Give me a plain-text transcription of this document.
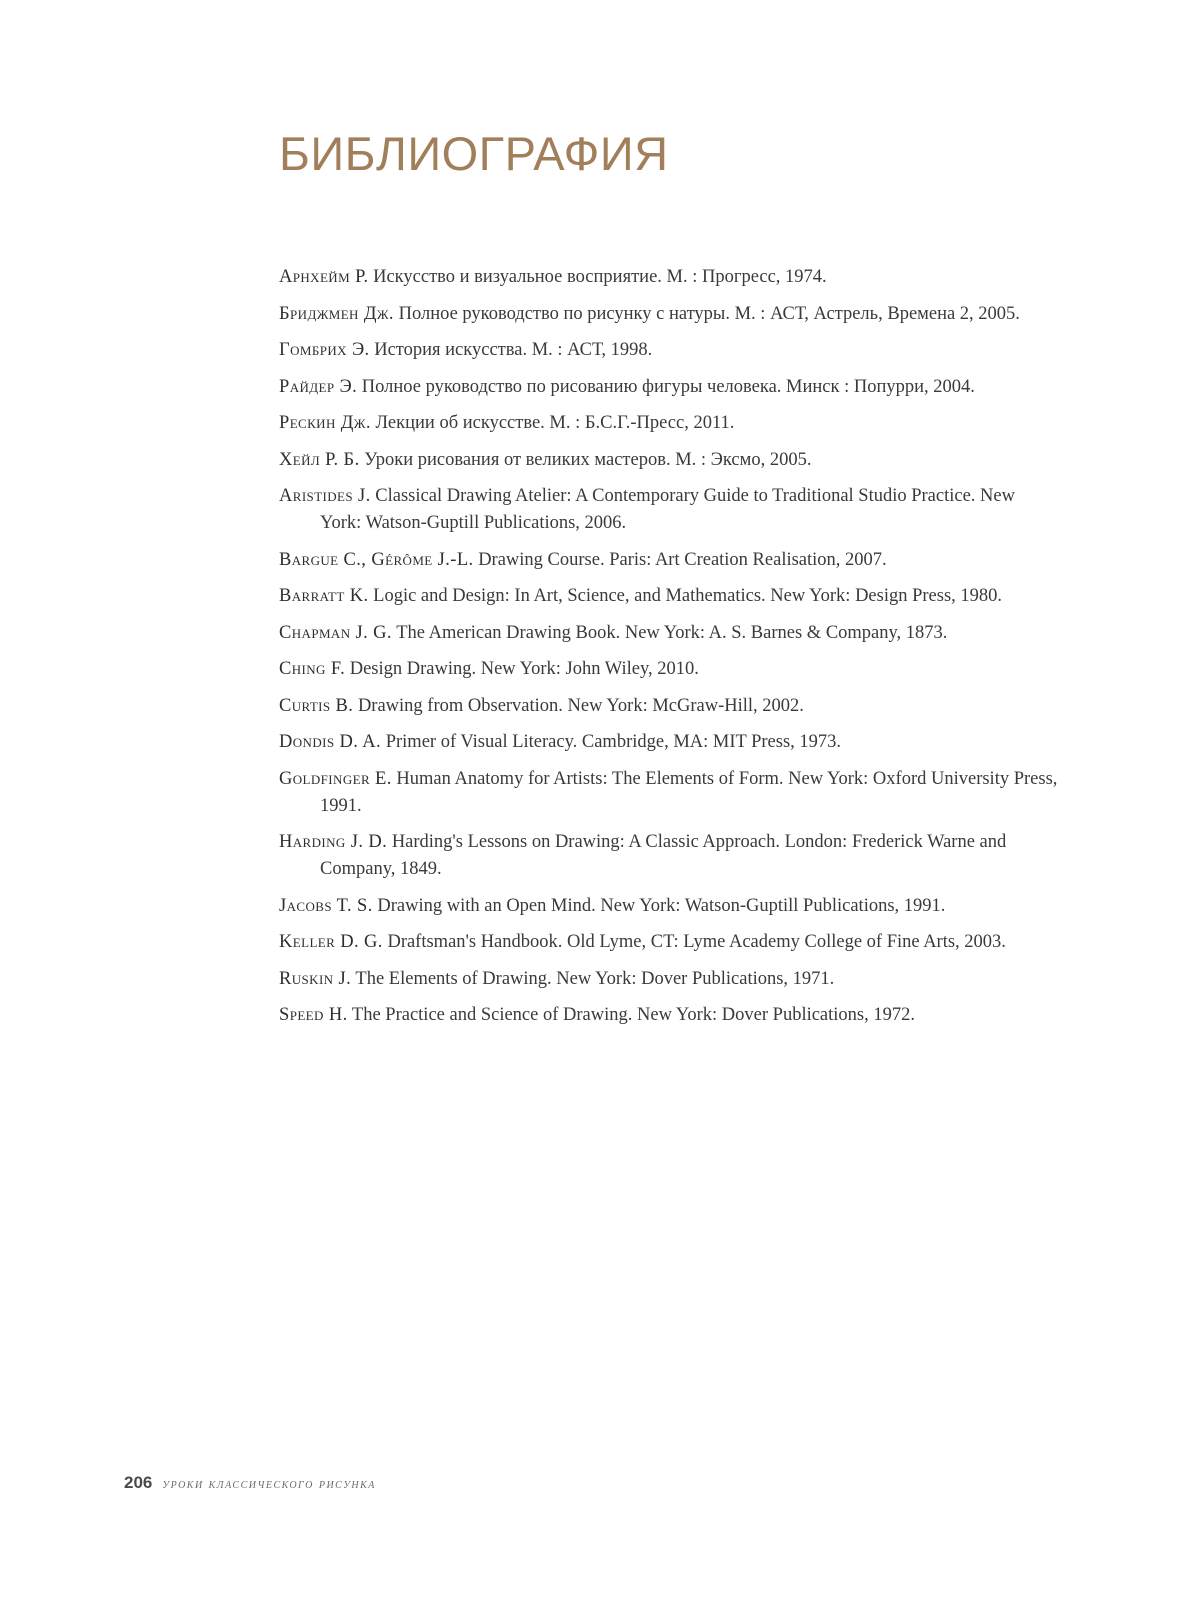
БИБЛИОГРАФИЯ
Арнхейм Р. Искусство и визуальное восприятие. М. : Прогресс, 1974.
Бриджмен Дж. Полное руководство по рисунку с натуры. М. : АСТ, Астрель, Времена 2, 2005.
Гомбрих Э. История искусства. М. : АСТ, 1998.
Райдер Э. Полное руководство по рисованию фигуры человека. Минск : Попурри, 2004.
Рескин Дж. Лекции об искусстве. М. : Б.С.Г.-Пресс, 2011.
Хейл Р. Б. Уроки рисования от великих мастеров. М. : Эксмо, 2005.
Aristides J. Classical Drawing Atelier: A Contemporary Guide to Traditional Studio Practice. New York: Watson-Guptill Publications, 2006.
Bargue C., Gérôme J.-L. Drawing Course. Paris: Art Creation Realisation, 2007.
Barratt K. Logic and Design: In Art, Science, and Mathematics. New York: Design Press, 1980.
Chapman J. G. The American Drawing Book. New York: A. S. Barnes & Company, 1873.
Ching F. Design Drawing. New York: John Wiley, 2010.
Curtis B. Drawing from Observation. New York: McGraw-Hill, 2002.
Dondis D. A. Primer of Visual Literacy. Cambridge, MA: MIT Press, 1973.
Goldfinger E. Human Anatomy for Artists: The Elements of Form. New York: Oxford University Press, 1991.
Harding J. D. Harding's Lessons on Drawing: A Classic Approach. London: Frederick Warne and Company, 1849.
Jacobs T. S. Drawing with an Open Mind. New York: Watson-Guptill Publications, 1991.
Keller D. G. Draftsman's Handbook. Old Lyme, CT: Lyme Academy College of Fine Arts, 2003.
Ruskin J. The Elements of Drawing. New York: Dover Publications, 1971.
Speed H. The Practice and Science of Drawing. New York: Dover Publications, 1972.
206 уроки классического рисунка
